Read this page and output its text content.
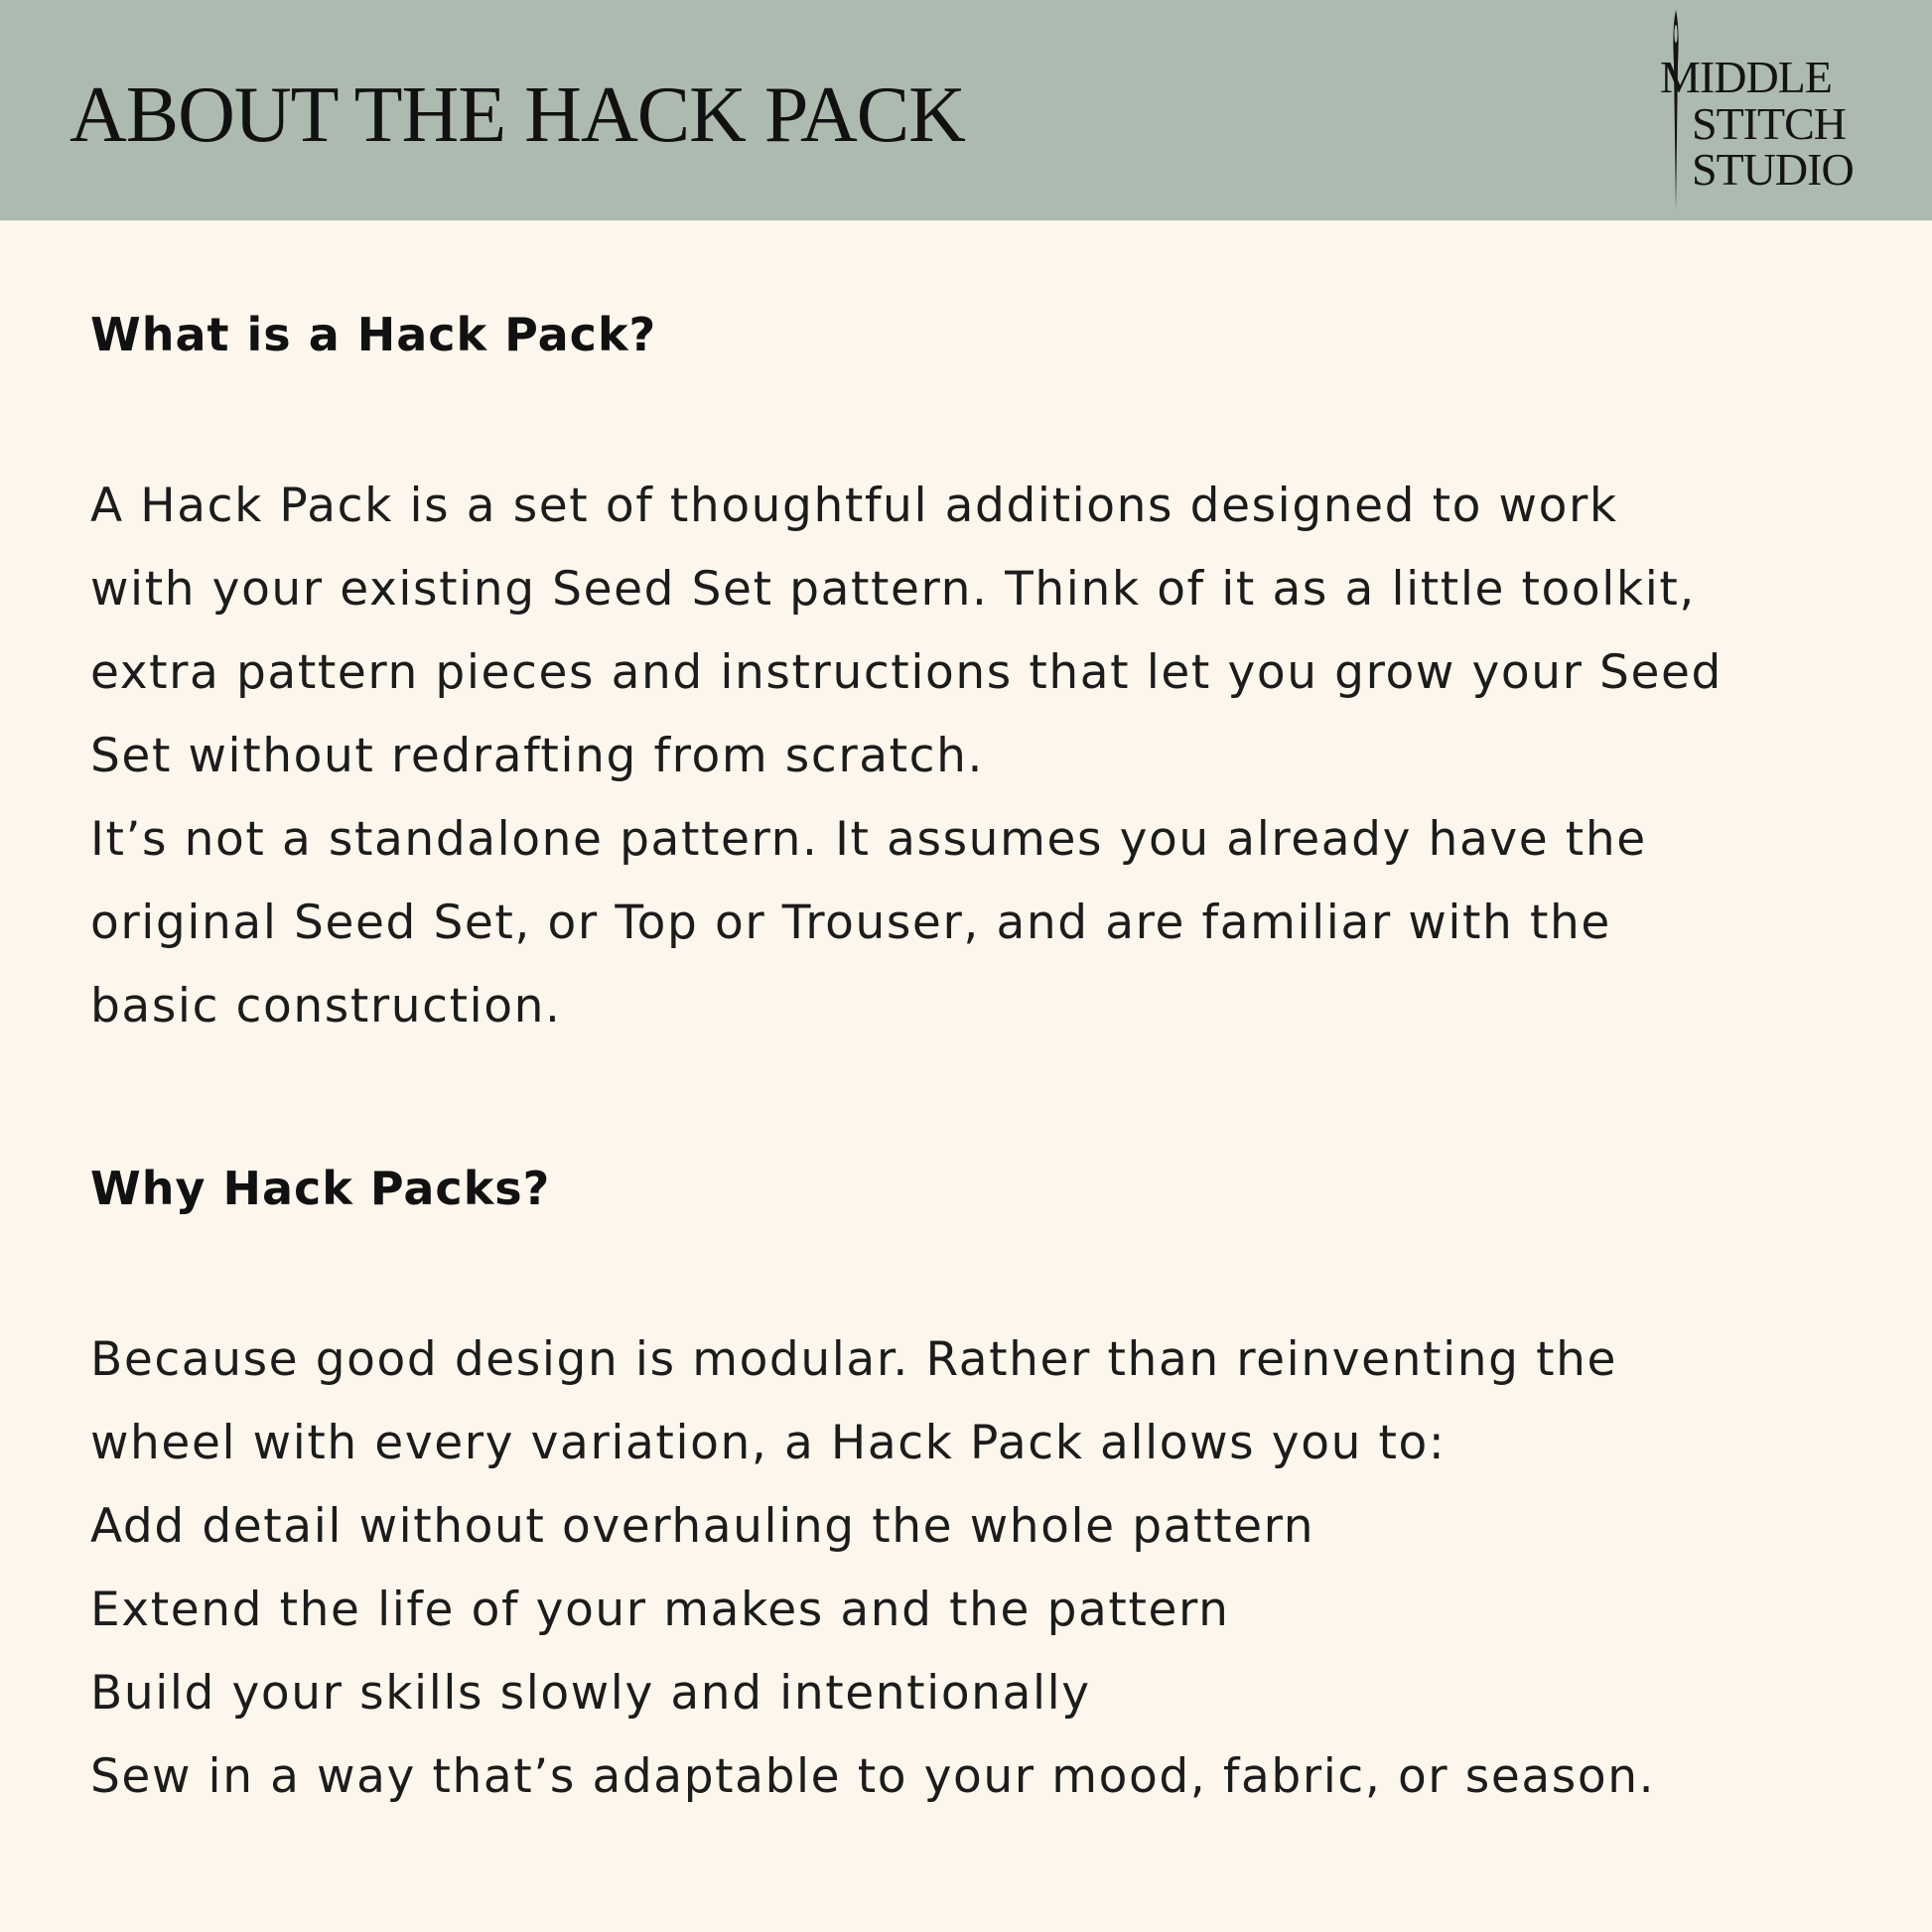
ABOUT THE HACK PACK	MIDDLE
STITCH
STUDIO
What is a Hack Pack?

A Hack Pack is a set of thoughtful additions designed to work

with your existing Seed Set pattern. Think of it as a little toolkit,

extra pattern pieces and instructions that let you grow your Seed

Set without redrafting from scratch.

It’s not a standalone pattern. It assumes you already have the

original Seed Set, or Top or Trouser, and are familiar with the

basic construction.

Why Hack Packs?

Because good design is modular. Rather than reinventing the

wheel with every variation, a Hack Pack allows you to:

Add detail without overhauling the whole pattern
Extend the life of your makes and the pattern
Build your skills slowly and intentionally
Sew in a way that’s adaptable to your mood, fabric, or season.
